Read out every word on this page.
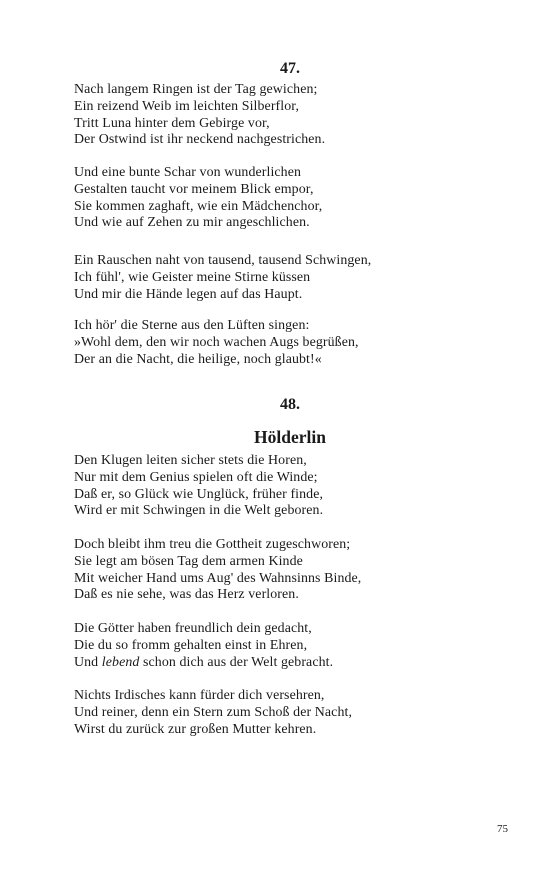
47.
Nach langem Ringen ist der Tag gewichen;
Ein reizend Weib im leichten Silberflor,
Tritt Luna hinter dem Gebirge vor,
Der Ostwind ist ihr neckend nachgestrichen.
Und eine bunte Schar von wunderlichen
Gestalten taucht vor meinem Blick empor,
Sie kommen zaghaft, wie ein Mädchenchor,
Und wie auf Zehen zu mir angeschlichen.
Ein Rauschen naht von tausend, tausend Schwingen,
Ich fühl', wie Geister meine Stirne küssen
Und mir die Hände legen auf das Haupt.
Ich hör' die Sterne aus den Lüften singen:
»Wohl dem, den wir noch wachen Augs begrüßen,
Der an die Nacht, die heilige, noch glaubt!«
48.
Hölderlin
Den Klugen leiten sicher stets die Horen,
Nur mit dem Genius spielen oft die Winde;
Daß er, so Glück wie Unglück, früher finde,
Wird er mit Schwingen in die Welt geboren.
Doch bleibt ihm treu die Gottheit zugeschworen;
Sie legt am bösen Tag dem armen Kinde
Mit weicher Hand ums Aug' des Wahnsinns Binde,
Daß es nie sehe, was das Herz verloren.
Die Götter haben freundlich dein gedacht,
Die du so fromm gehalten einst in Ehren,
Und lebend schon dich aus der Welt gebracht.
Nichts Irdisches kann fürder dich versehren,
Und reiner, denn ein Stern zum Schoß der Nacht,
Wirst du zurück zur großen Mutter kehren.
75
